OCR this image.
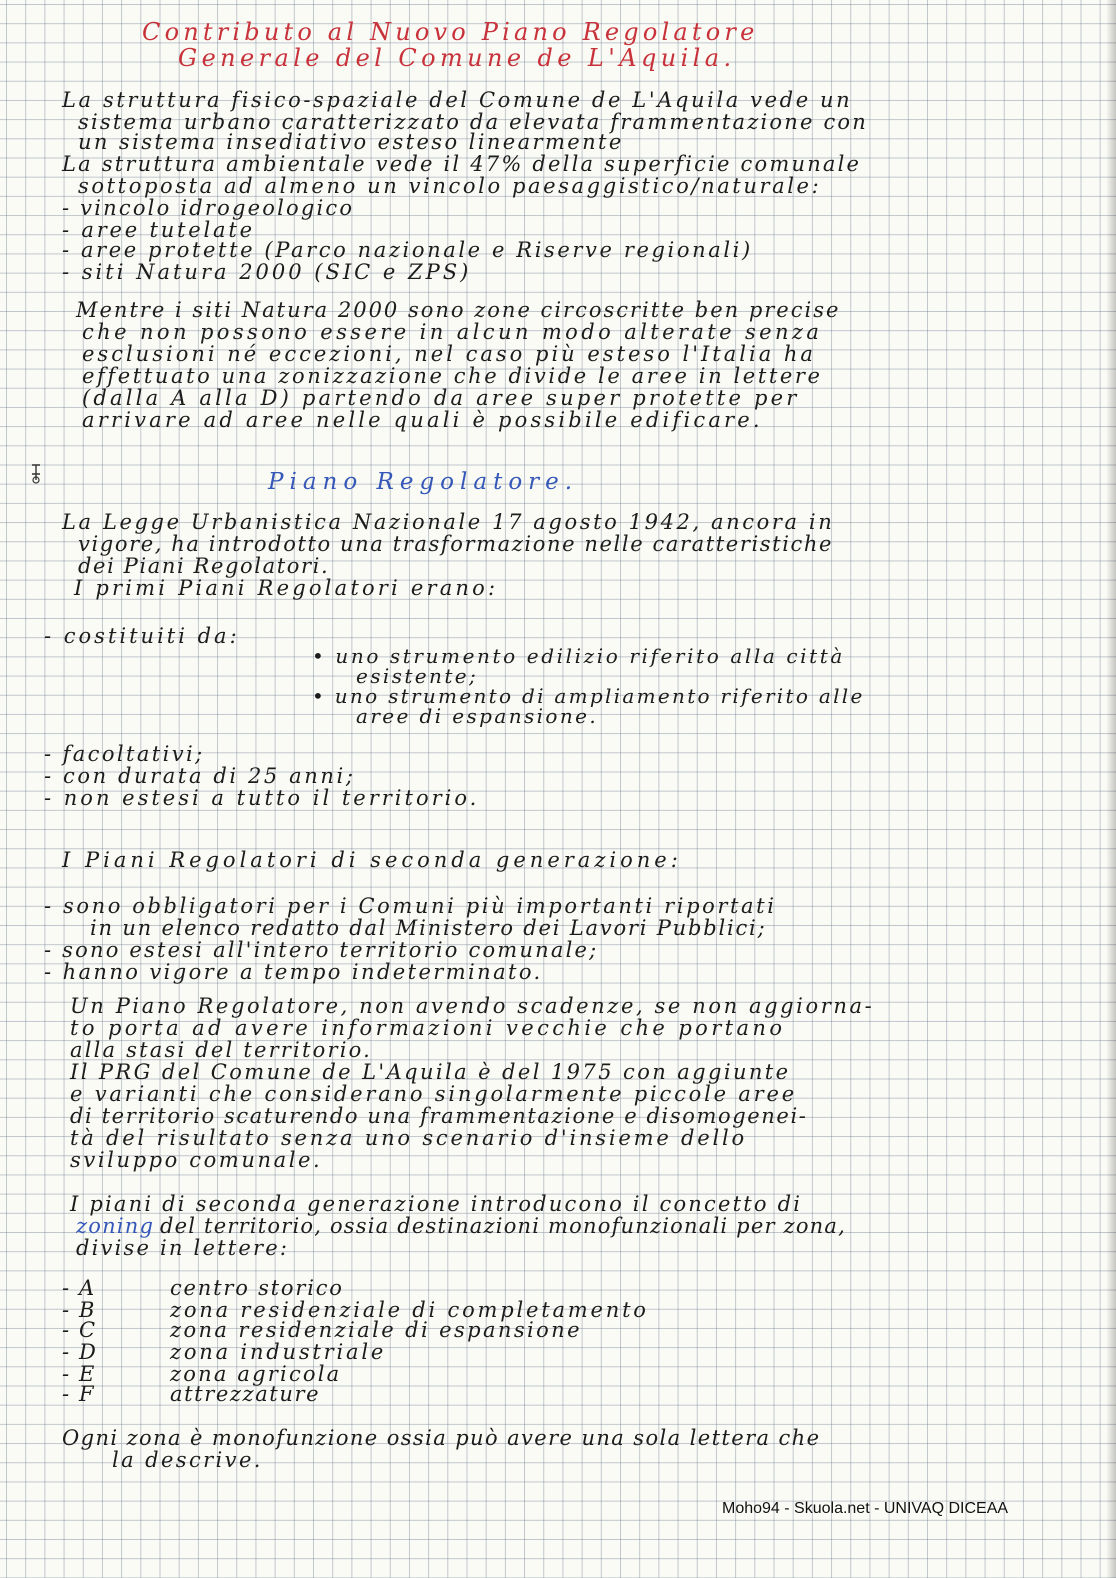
Contributo al Nuovo Piano Regolatore

Generale del Comune de L'Aquila.

La struttura fisico-spaziale del Comune de L'Aquila vede un

sistema urbano caratterizzato da elevata frammentazione con

un sistema insediativo esteso linearmente

La struttura ambientale vede il 47% della superficie comunale

sottoposta ad almeno un vincolo paesaggistico/naturale:

- vincolo idrogeologico

- aree tutelate

- aree protette (Parco nazionale e Riserve regionali)

- siti Natura 2000 (SIC e ZPS)

Mentre i siti Natura 2000 sono zone circoscritte ben precise

che non possono essere in alcun modo alterate senza

esclusioni né eccezioni, nel caso più esteso l'Italia ha

effettuato una zonizzazione che divide le aree in lettere

(dalla A alla D) partendo da aree super protette per

arrivare ad aree nelle quali è possibile edificare.

Piano Regolatore.

La Legge Urbanistica Nazionale 17 agosto 1942, ancora in

vigore, ha introdotto una trasformazione nelle caratteristiche

dei Piani Regolatori.

I primi Piani Regolatori erano:

- costituiti da:

• uno strumento edilizio riferito alla città

esistente;

• uno strumento di ampliamento riferito alle

aree di espansione.

- facoltativi;

- con durata di 25 anni;

- non estesi a tutto il territorio.

I Piani Regolatori di seconda generazione:

- sono obbligatori per i Comuni più importanti riportati

in un elenco redatto dal Ministero dei Lavori Pubblici;

- sono estesi all'intero territorio comunale;

- hanno vigore a tempo indeterminato.

Un Piano Regolatore, non avendo scadenze, se non aggiorna-

to porta ad avere informazioni vecchie che portano

alla stasi del territorio.

Il PRG del Comune de L'Aquila è del 1975 con aggiunte

e varianti che considerano singolarmente piccole aree

di territorio scaturendo una frammentazione e disomogenei-

tà del risultato senza uno scenario d'insieme dello

sviluppo comunale.

I piani di seconda generazione introducono il concetto di

zoning del territorio, ossia destinazioni monofunzionali per zona,

divise in lettere:

- A	centro storico

- B	zona residenziale di completamento

- C	zona residenziale di espansione

- D	zona industriale

- E	zona agricola

- F	attrezzature

Ogni zona è monofunzione ossia può avere una sola lettera che

la descrive.

Moho94 - Skuola.net - UNIVAQ DICEAA
